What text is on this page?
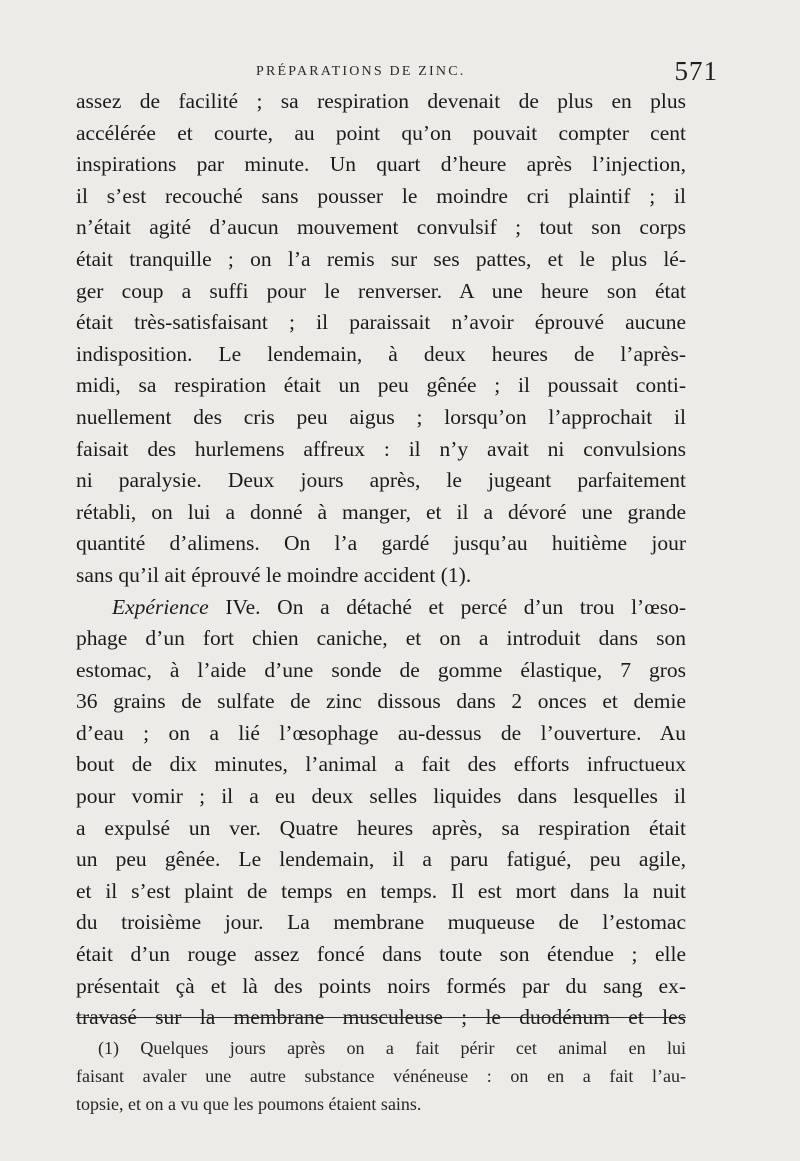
PRÉPARATIONS DE ZINC.	571
assez de facilité ; sa respiration devenait de plus en plus
accélérée et courte, au point qu’on pouvait compter cent
inspirations par minute. Un quart d’heure après l’injection,
il s’est recouché sans pousser le moindre cri plaintif ; il
n’était agité d’aucun mouvement convulsif ; tout son corps
était tranquille ; on l’a remis sur ses pattes, et le plus lé-
ger coup a suffi pour le renverser. A une heure son état
était très-satisfaisant ; il paraissait n’avoir éprouvé aucune
indisposition. Le lendemain, à deux heures de l’après-
midi, sa respiration était un peu gênée ; il poussait conti-
nuellement des cris peu aigus ; lorsqu’on l’approchait il
faisait des hurlemens affreux : il n’y avait ni convulsions
ni paralysie. Deux jours après, le jugeant parfaitement
rétabli, on lui a donné à manger, et il a dévoré une grande
quantité d’alimens. On l’a gardé jusqu’au huitième jour
sans qu’il ait éprouvé le moindre accident (1).
Expérience IVe. On a détaché et percé d’un trou l’œso-
phage d’un fort chien caniche, et on a introduit dans son
estomac, à l’aide d’une sonde de gomme élastique, 7 gros
36 grains de sulfate de zinc dissous dans 2 onces et demie
d’eau ; on a lié l’œsophage au-dessus de l’ouverture. Au
bout de dix minutes, l’animal a fait des efforts infructueux
pour vomir ; il a eu deux selles liquides dans lesquelles il
a expulsé un ver. Quatre heures après, sa respiration était
un peu gênée. Le lendemain, il a paru fatigué, peu agile,
et il s’est plaint de temps en temps. Il est mort dans la nuit
du troisième jour. La membrane muqueuse de l’estomac
était d’un rouge assez foncé dans toute son étendue ; elle
présentait çà et là des points noirs formés par du sang ex-
travasé sur la membrane musculeuse ; le duodénum et les
(1) Quelques jours après on a fait périr cet animal en lui
faisant avaler une autre substance vénéneuse : on en a fait l’au-
topsie, et on a vu que les poumons étaient sains.
